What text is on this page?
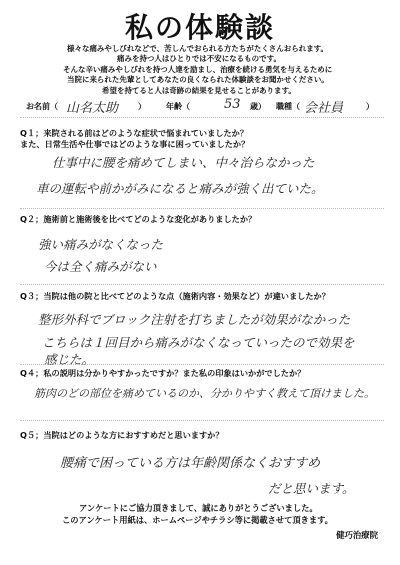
私の体験談
様々な痛みやしびれなどで、苦しんでおられる方たちがたくさんおられます。 痛みを持つ人はひとりでは不安になるものです。 そんな辛い痛みやしびれを持つ人達を励まし、治療を続ける勇気を与えるために 当院に来られた先輩としてあなたの良くなられた体験談をお聞かせください。 希望を持てると人は奇跡の結果を見せることがあります。
お名前（ 山名太助 ）	年齢（	53 歳） 職種（ 会社員	）
Q１；来院される前はどのような症状で悩まれていましたか？
また、日常生活や仕事ではどのような事に困っていましたか？
仕事中に腰を痛めてしまい、中々治らなかった
車の運転や前かがみになると痛みが強く出ていた。
Q２；施術前と施術後を比べてどのような変化がありましたか？
強い痛みがなくなった
今は全く痛みがない
Q３；当院は他の院と比べてどのような点（施術内容・効果など）が違いましたか？
整形外科でブロック注射を打ちましたが効果がなかった
こちらは１回目から痛みがなくなっていったので効果を
感じた。
Q４；私の説明は分かりやすかったですか？また私の印象はいかがでしたか？
筋肉のどの部位を痛めているのか、分かりやすく教えて頂けました。
Q５；当院はどのような方におすすめだと思いますか？
腰痛で困っている方は年齢関係なくおすすめ
だと思います。
アンケートにご協力頂きまして、誠にありがとうございました。 このアンケート用紙は、ホームページやチラシ等に掲載させて頂きます。
健巧治療院
